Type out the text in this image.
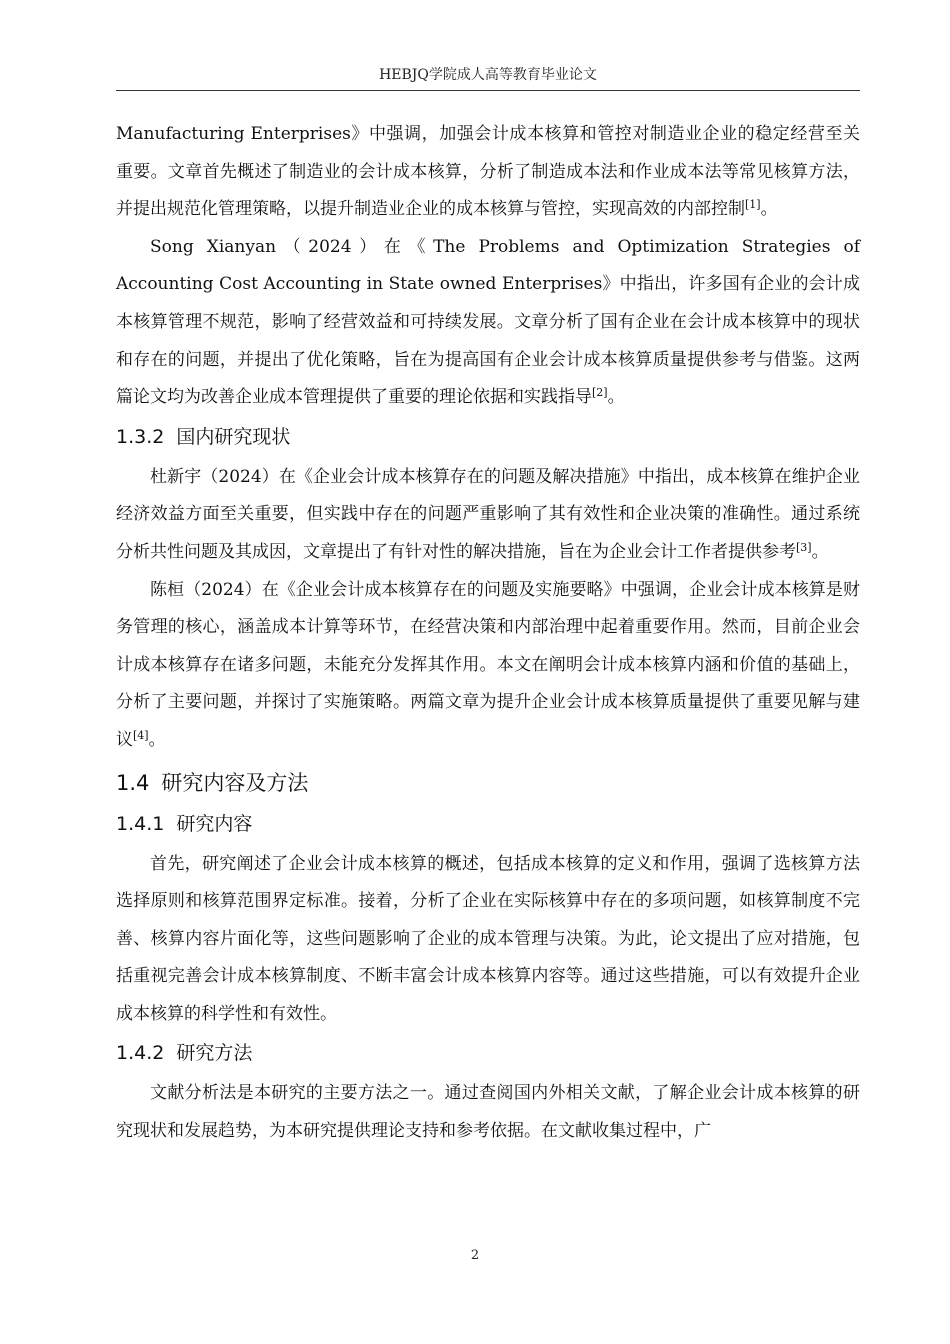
HEBJQ学院成人高等教育毕业论文

Manufacturing Enterprises》中强调，加强会计成本核算和管控对制造业企业的稳定经营至关重要。文章首先概述了制造业的会计成本核算，分析了制造成本法和作业成本法等常见核算方法，并提出规范化管理策略，以提升制造业企业的成本核算与管控，实现高效的内部控制[1]。

Song Xianyan（2024）在《The Problems and Optimization Strategies of Accounting Cost Accounting in State owned Enterprises》中指出，许多国有企业的会计成本核算管理不规范，影响了经营效益和可持续发展。文章分析了国有企业在会计成本核算中的现状和存在的问题，并提出了优化策略，旨在为提高国有企业会计成本核算质量提供参考与借鉴。这两篇论文均为改善企业成本管理提供了重要的理论依据和实践指导[2]。

1.3.2 国内研究现状

杜新宇（2024）在《企业会计成本核算存在的问题及解决措施》中指出，成本核算在维护企业经济效益方面至关重要，但实践中存在的问题严重影响了其有效性和企业决策的准确性。通过系统分析共性问题及其成因，文章提出了有针对性的解决措施，旨在为企业会计工作者提供参考[3]。

陈桓（2024）在《企业会计成本核算存在的问题及实施要略》中强调，企业会计成本核算是财务管理的核心，涵盖成本计算等环节，在经营决策和内部治理中起着重要作用。然而，目前企业会计成本核算存在诸多问题，未能充分发挥其作用。本文在阐明会计成本核算内涵和价值的基础上，分析了主要问题，并探讨了实施策略。两篇文章为提升企业会计成本核算质量提供了重要见解与建议[4]。

1.4 研究内容及方法
1.4.1 研究内容

首先，研究阐述了企业会计成本核算的概述，包括成本核算的定义和作用，强调了选核算方法选择原则和核算范围界定标准。接着，分析了企业在实际核算中存在的多项问题，如核算制度不完善、核算内容片面化等，这些问题影响了企业的成本管理与决策。为此，论文提出了应对措施，包括重视完善会计成本核算制度、不断丰富会计成本核算内容等。通过这些措施，可以有效提升企业成本核算的科学性和有效性。

1.4.2 研究方法

文献分析法是本研究的主要方法之一。通过查阅国内外相关文献，了解企业会计成本核算的研究现状和发展趋势，为本研究提供理论支持和参考依据。在文献收集过程中，广

2
